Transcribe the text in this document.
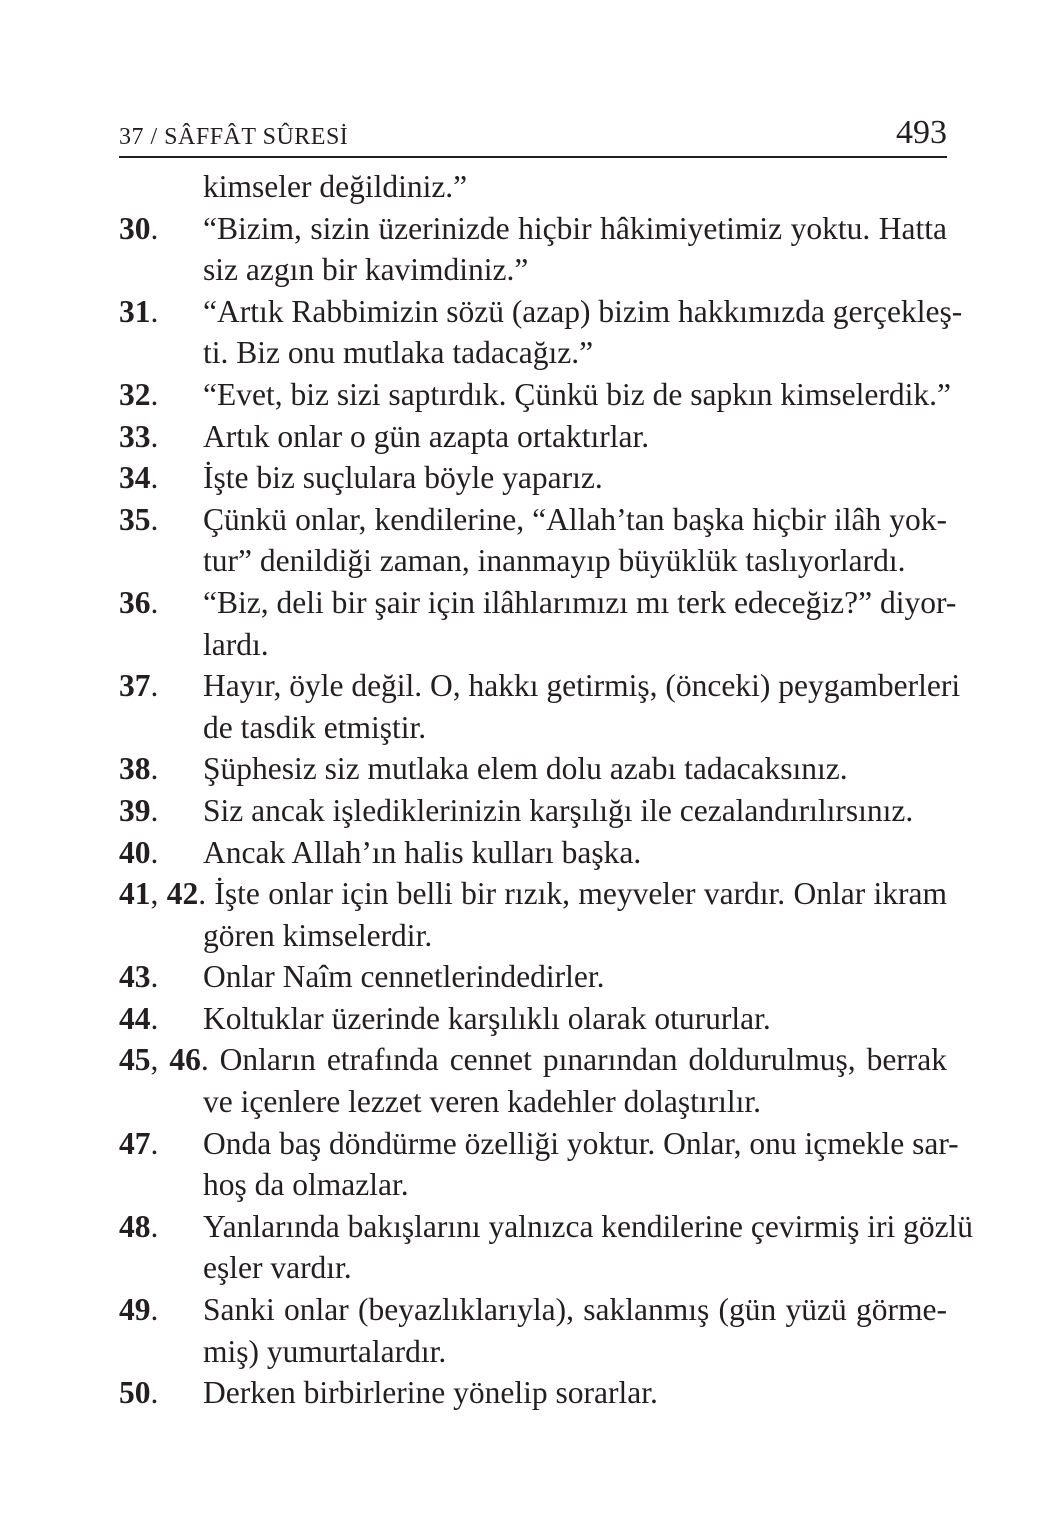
37 / SÂFFÂT SÛRESİ	493
kimseler değildiniz.”
30. “Bizim, sizin üzerinizde hiçbir hâkimiyetimiz yoktu. Hatta
siz azgın bir kavimdiniz.”
31. “Artık Rabbimizin sözü (azap) bizim hakkımızda gerçekleş-
ti. Biz onu mutlaka tadacağız.”
32. “Evet, biz sizi saptırdık. Çünkü biz de sapkın kimselerdik.”
33. Artık onlar o gün azapta ortaktırlar.
34. İşte biz suçlulara böyle yaparız.
35. Çünkü onlar, kendilerine, “Allah’tan başka hiçbir ilâh yok-
tur” denildiği zaman, inanmayıp büyüklük taslıyorlardı.
36. “Biz, deli bir şair için ilâhlarımızı mı terk edeceğiz?” diyor-
lardı.
37. Hayır, öyle değil. O, hakkı getirmiş, (önceki) peygamberleri
de tasdik etmiştir.
38. Şüphesiz siz mutlaka elem dolu azabı tadacaksınız.
39. Siz ancak işlediklerinizin karşılığı ile cezalandırılırsınız.
40. Ancak Allah’ın halis kulları başka.
41, 42. İşte onlar için belli bir rızık, meyveler vardır. Onlar ikram
gören kimselerdir.
43. Onlar Naîm cennetlerindedirler.
44. Koltuklar üzerinde karşılıklı olarak otururlar.
45, 46. Onların etrafında cennet pınarından doldurulmuş, berrak
ve içenlere lezzet veren kadehler dolaştırılır.
47. Onda baş döndürme özelliği yoktur. Onlar, onu içmekle sar-
hoş da olmazlar.
48. Yanlarında bakışlarını yalnızca kendilerine çevirmiş iri gözlü
eşler vardır.
49. Sanki onlar (beyazlıklarıyla), saklanmış (gün yüzü görme-
miş) yumurtalardır.
50. Derken birbirlerine yönelip sorarlar.
